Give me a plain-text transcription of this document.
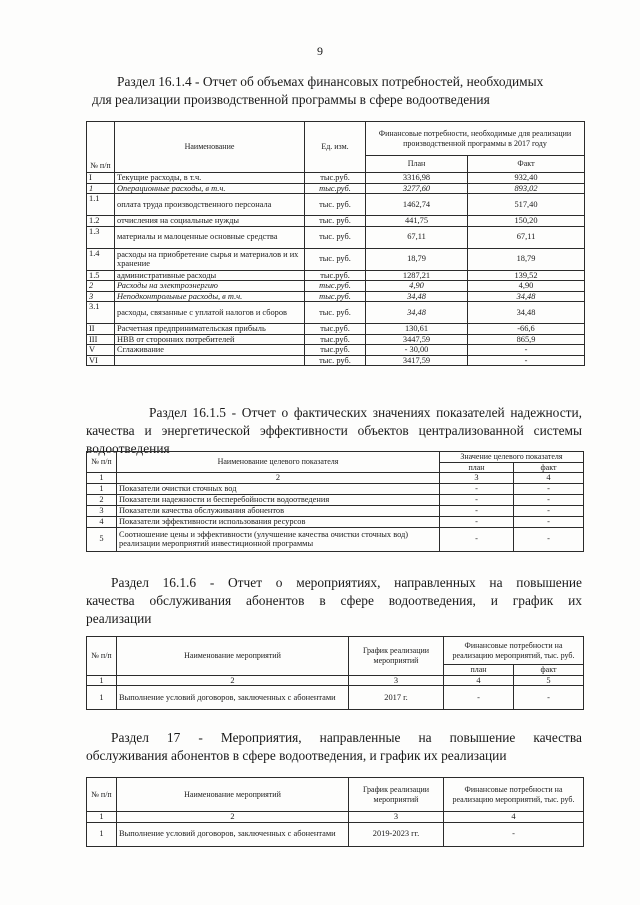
9
Раздел 16.1.4 - Отчет об объемах финансовых потребностей, необходимых
для реализации производственной программы в сфере водоотведения
№ п/п	Наименование	Ед. изм.	Финансовые потребности, необходимые для реализации производственной программы в 2017 году	
			План	Факт
I	Текущие расходы, в т.ч.	тыс.руб.	3316,98	932,40
1	Операционные расходы, в т.ч.	тыс.руб.	3277,60	893,02
1.1	оплата труда производственного персонала	тыс. руб.	1462,74	517,40
1.2	отчисления на социальные нужды	тыс. руб.	441,75	150,20
1.3	материалы и малоценные основные средства	тыс. руб.	67,11	67,11
1.4	расходы на приобретение сырья и материалов и их хранение	тыс. руб.	18,79	18,79
1.5	административные расходы	тыс.руб.	1287,21	139,52
2	Расходы на электроэнергию	тыс.руб.	4,90	4,90
3	Неподконтрольные расходы, в т.ч.	тыс.руб.	34,48	34,48
3.1	расходы, связанные с уплатой налогов и сборов	тыс. руб.	34,48	34,48
II	Расчетная предпринимательская прибыль	тыс.руб.	130,61	-66,6
III	НВВ от сторонних потребителей	тыс.руб.	3447,59	865,9
V	Сглаживание	тыс.руб.	- 30,00	-
VI		тыс. руб.	3417,59	-
Раздел 16.1.5 - Отчет о фактических значениях показателей надежности,
качества и энергетической эффективности объектов централизованной системы
водоотведения
№ п/п	Наименование целевого показателя	Значение целевого показателя	
		план	факт
1	2	3	4
1	Показатели очистки сточных вод	-	-
2	Показатели надежности и бесперебойности водоотведения	-	-
3	Показатели качества обслуживания абонентов	-	-
4	Показатели эффективности использования ресурсов	-	-
5	Соотношение цены и эффективности (улучшение качества очистки сточных вод) реализации мероприятий инвестиционной программы	-	-
Раздел 16.1.6 - Отчет о мероприятиях, направленных на повышение
качества обслуживания абонентов в сфере водоотведения, и график их
реализации
№ п/п	Наименование мероприятий	График реализации мероприятий	Финансовые потребности на реализацию мероприятий, тыс. руб.	
			план	факт
1	2	3	4	5
1	Выполнение условий договоров, заключенных с абонентами	2017 г.	-	-
Раздел 17 - Мероприятия, направленные на повышение качества
обслуживания абонентов в сфере водоотведения, и график их реализации
№ п/п	Наименование мероприятий	График реализации мероприятий	Финансовые потребности на реализацию мероприятий, тыс. руб.
1	2	3	4
1	Выполнение условий договоров, заключенных с абонентами	2019-2023 гг.	-
